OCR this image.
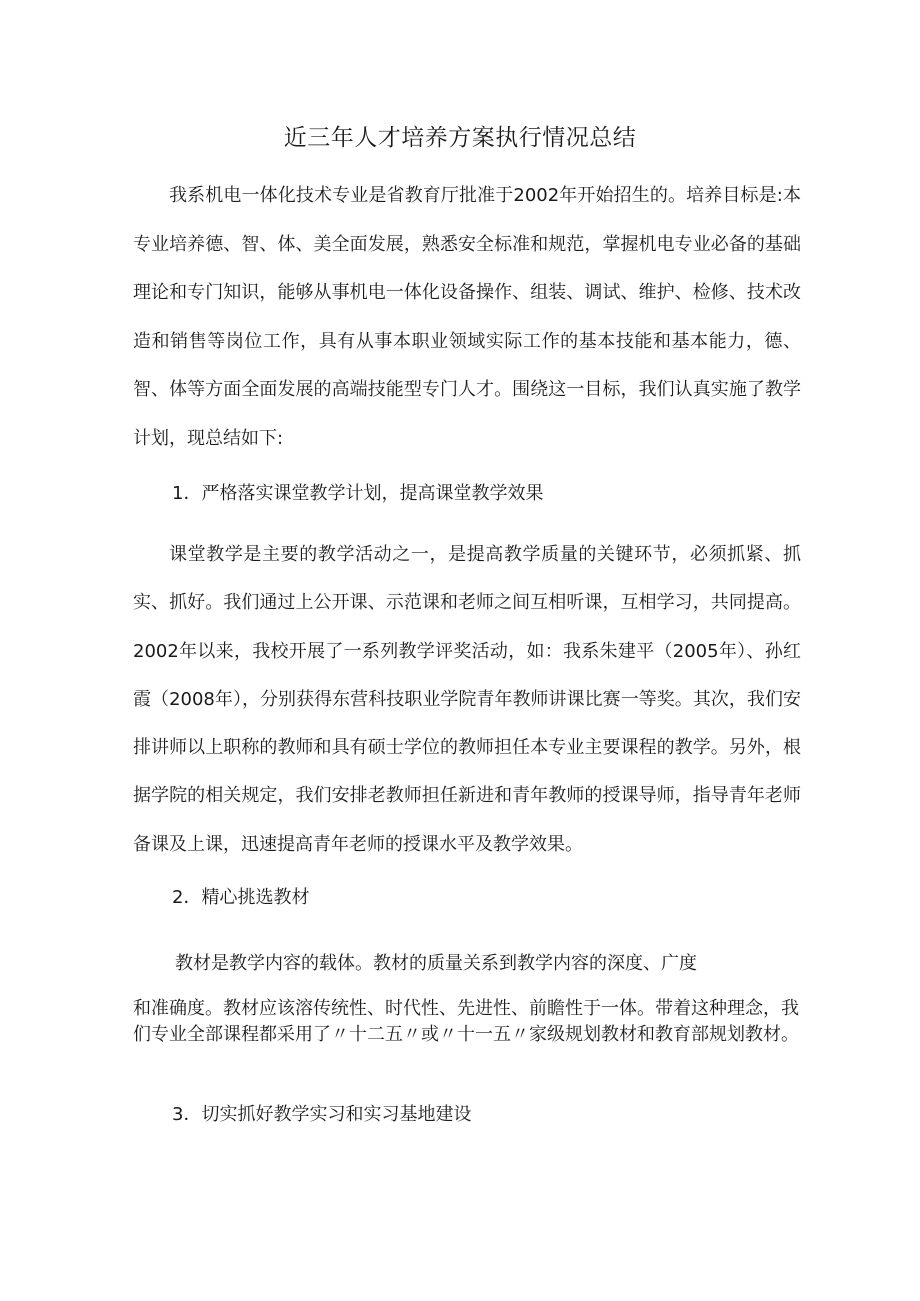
近三年人才培养方案执行情况总结

我系机电一体化技术专业是省教育厅批准于2002年开始招生的。培养目标是:本专业培养德、智、体、美全面发展，熟悉安全标准和规范，掌握机电专业必备的基础理论和专门知识，能够从事机电一体化设备操作、组装、调试、维护、检修、技术改造和销售等岗位工作，具有从事本职业领域实际工作的基本技能和基本能力，德、智、体等方面全面发展的高端技能型专门人才。围绕这一目标，我们认真实施了教学计划，现总结如下:

1．严格落实课堂教学计划，提高课堂教学效果

课堂教学是主要的教学活动之一，是提高教学质量的关键环节，必须抓紧、抓实、抓好。我们通过上公开课、示范课和老师之间互相听课，互相学习，共同提高。2002年以来，我校开展了一系列教学评奖活动，如：我系朱建平（2005年）、孙红霞（2008年），分别获得东营科技职业学院青年教师讲课比赛一等奖。其次，我们安排讲师以上职称的教师和具有硕士学位的教师担任本专业主要课程的教学。另外，根据学院的相关规定，我们安排老教师担任新进和青年教师的授课导师，指导青年老师备课及上课，迅速提高青年老师的授课水平及教学效果。

2．精心挑选教材

教材是教学内容的载体。教材的质量关系到教学内容的深度、广度

和准确度。教材应该溶传统性、时代性、先进性、前瞻性于一体。带着这种理念，我们专业全部课程都采用了〃十二五〃或〃十一五〃家级规划教材和教育部规划教材。

3．切实抓好教学实习和实习基地建设
